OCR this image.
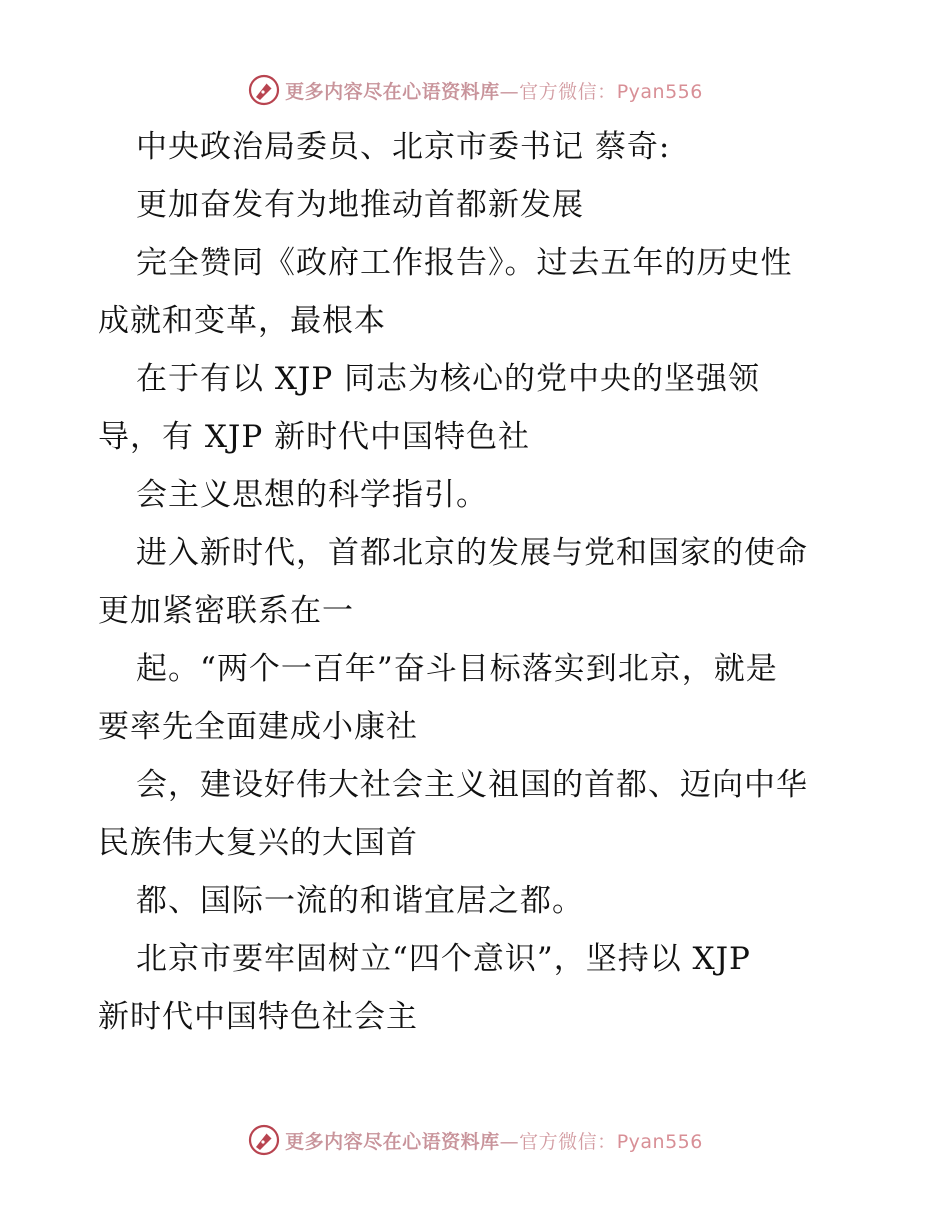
更多内容尽在心语资料库—官方微信：Pyan556
中央政治局委员、北京市委书记 蔡奇:
更加奋发有为地推动首都新发展
完全赞同《政府工作报告》。过去五年的历史性
成就和变革，最根本
在于有以 XJP 同志为核心的党中央的坚强领
导，有 XJP 新时代中国特色社
会主义思想的科学指引。
进入新时代，首都北京的发展与党和国家的使命
更加紧密联系在一
起。“两个一百年”奋斗目标落实到北京，就是
要率先全面建成小康社
会，建设好伟大社会主义祖国的首都、迈向中华
民族伟大复兴的大国首
都、国际一流的和谐宜居之都。
北京市要牢固树立“四个意识”，坚持以 XJP
新时代中国特色社会主
更多内容尽在心语资料库—官方微信：Pyan556
